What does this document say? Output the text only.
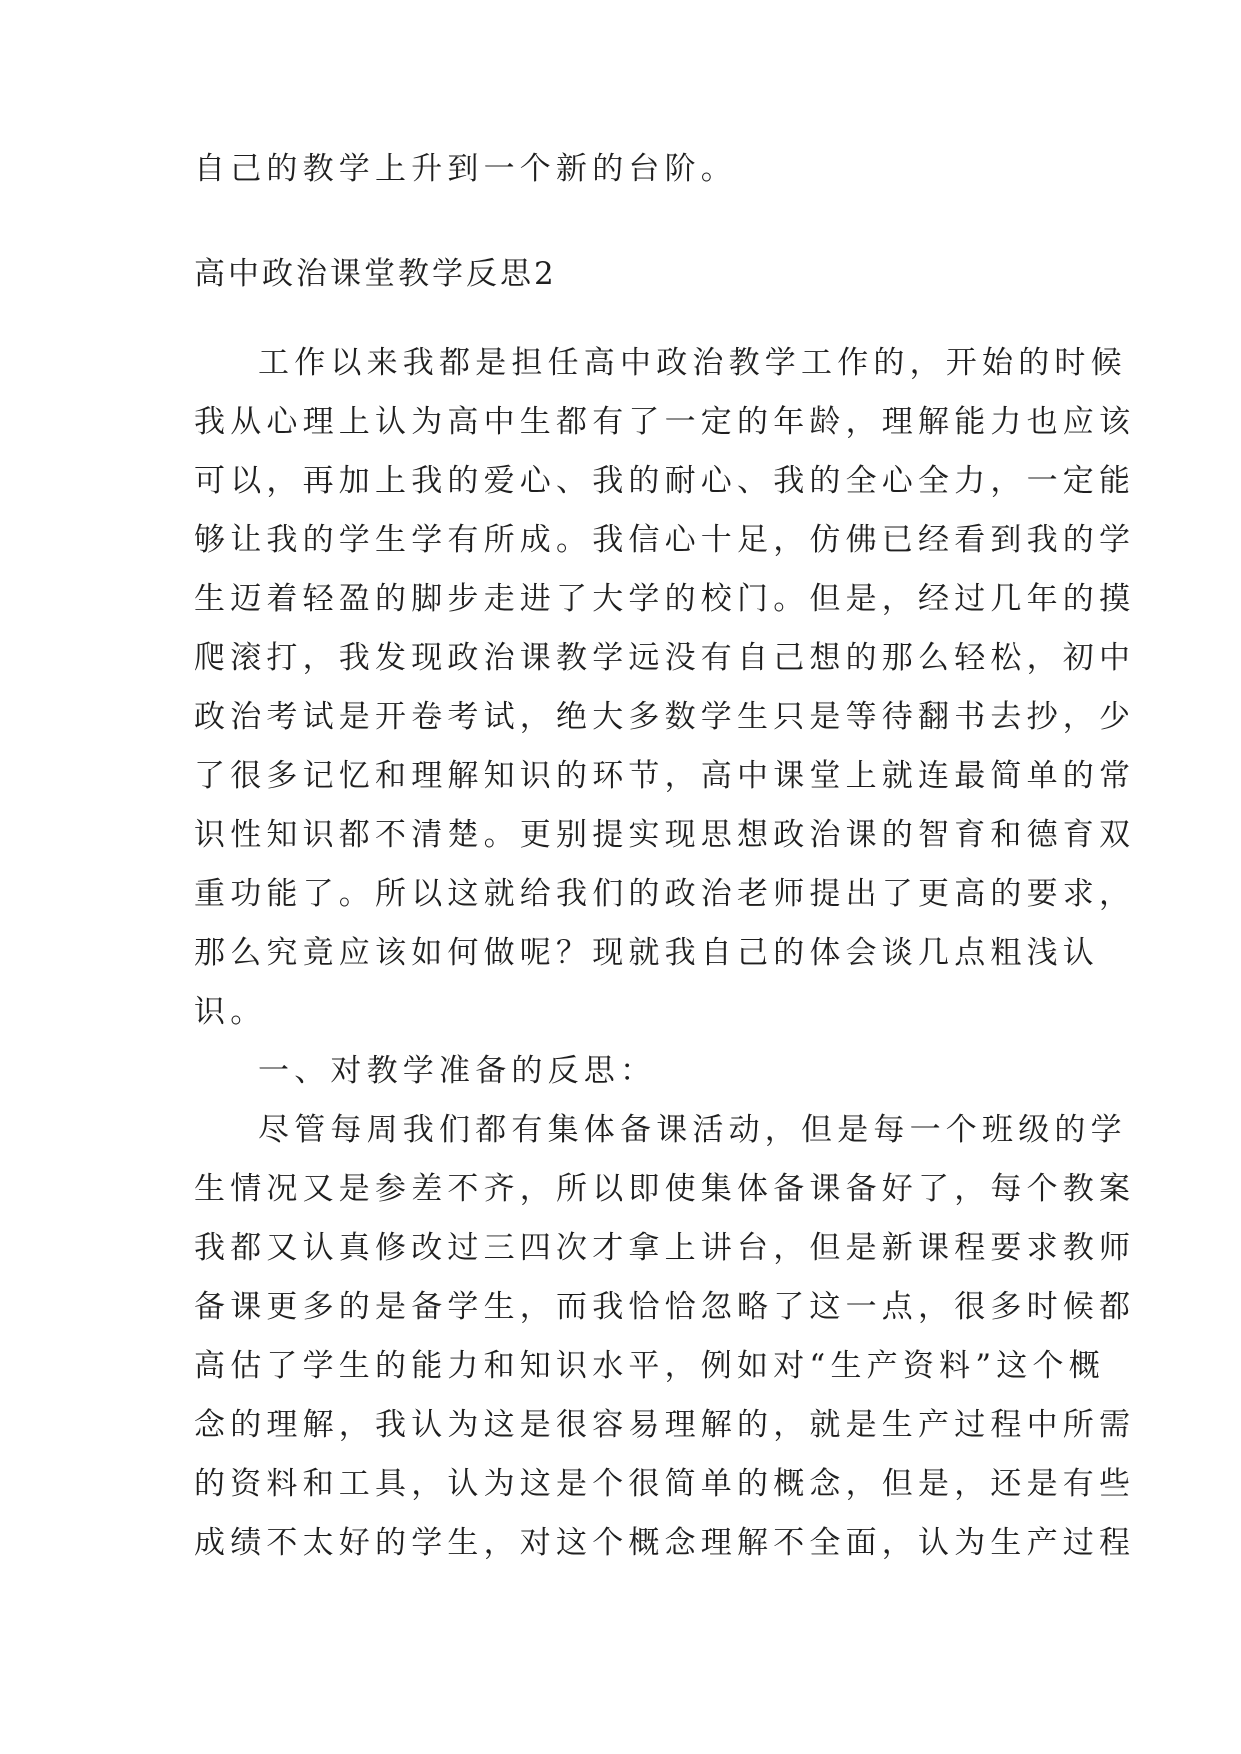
自己的教学上升到一个新的台阶。
高中政治课堂教学反思2
工作以来我都是担任高中政治教学工作的，开始的时候
我从心理上认为高中生都有了一定的年龄，理解能力也应该
可以，再加上我的爱心、我的耐心、我的全心全力，一定能
够让我的学生学有所成。我信心十足，仿佛已经看到我的学
生迈着轻盈的脚步走进了大学的校门。但是，经过几年的摸
爬滚打，我发现政治课教学远没有自己想的那么轻松，初中
政治考试是开卷考试，绝大多数学生只是等待翻书去抄，少
了很多记忆和理解知识的环节，高中课堂上就连最简单的常
识性知识都不清楚。更别提实现思想政治课的智育和德育双
重功能了。所以这就给我们的政治老师提出了更高的要求，
那么究竟应该如何做呢？现就我自己的体会谈几点粗浅认
识。
一、对教学准备的反思：
尽管每周我们都有集体备课活动，但是每一个班级的学
生情况又是参差不齐，所以即使集体备课备好了，每个教案
我都又认真修改过三四次才拿上讲台，但是新课程要求教师
备课更多的是备学生，而我恰恰忽略了这一点，很多时候都
高估了学生的能力和知识水平，例如对“生产资料”这个概
念的理解，我认为这是很容易理解的，就是生产过程中所需
的资料和工具，认为这是个很简单的概念，但是，还是有些
成绩不太好的学生，对这个概念理解不全面，认为生产过程
